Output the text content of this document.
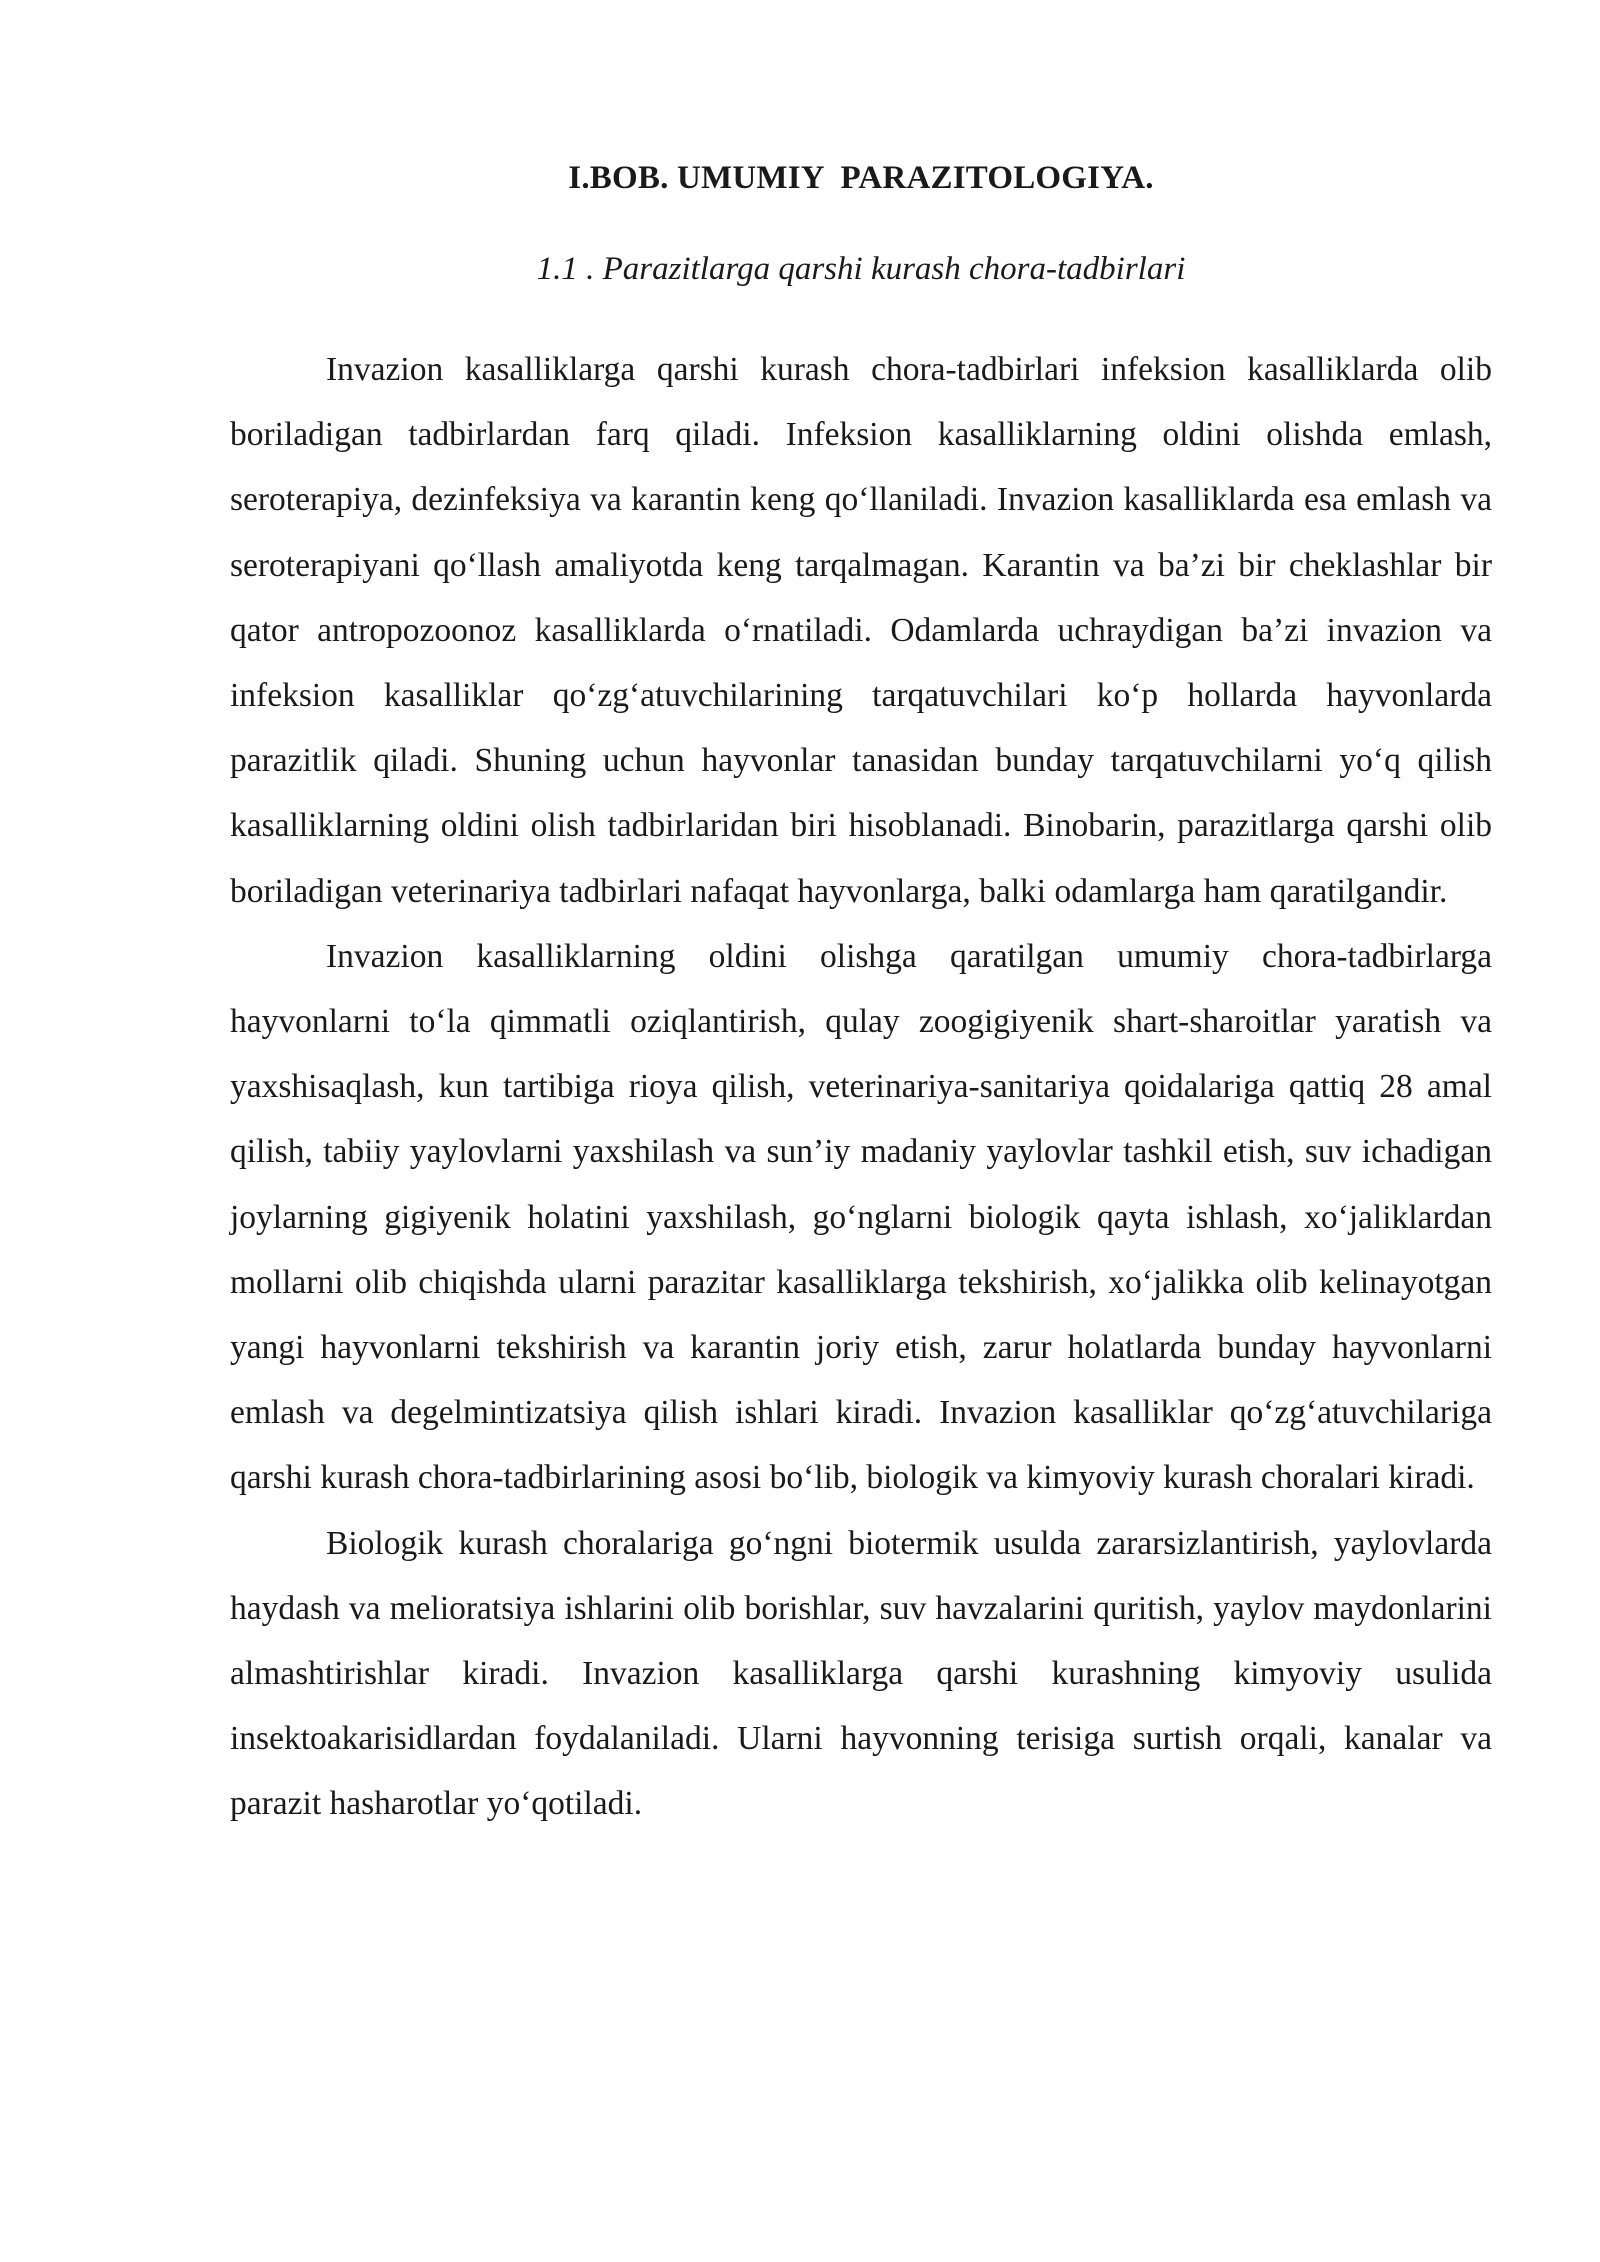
I.BOB. UMUMIY  PARAZITOLOGIYA.
1.1 . Parazitlarga qarshi kurash chora-tadbirlari

Invazion kasalliklarga qarshi kurash chora-tadbirlari infeksion kasalliklarda olib boriladigan tadbirlardan farq qiladi. Infeksion kasalliklarning oldini olishda emlash, seroterapiya, dezinfeksiya va karantin keng qo‘llaniladi. Invazion kasalliklarda esa emlash va seroterapiyani qo‘llash amaliyotda keng tarqalmagan. Karantin va ba’zi bir cheklashlar bir qator antropozoonoz kasalliklarda o‘rnatiladi. Odamlarda uchraydigan ba’zi invazion va infeksion kasalliklar qo‘zg‘atuvchilarining tarqatuvchilari ko‘p hollarda hayvonlarda parazitlik qiladi. Shuning uchun hayvonlar tanasidan bunday tarqatuvchilarni yo‘q qilish kasalliklarning oldini olish tadbirlaridan biri hisoblanadi. Binobarin, parazitlarga qarshi olib boriladigan veterinariya tadbirlari nafaqat hayvonlarga, balki odamlarga ham qaratilgandir.

Invazion kasalliklarning oldini olishga qaratilgan umumiy chora-tadbirlarga hayvonlarni to‘la qimmatli oziqlantirish, qulay zoogigiyenik shart-sharoitlar yaratish va yaxshisaqlash, kun tartibiga rioya qilish, veterinariya-sanitariya qoidalariga qattiq 28 amal qilish, tabiiy yaylovlarni yaxshilash va sun’iy madaniy yaylovlar tashkil etish, suv ichadigan joylarning gigiyenik holatini yaxshilash, go‘nglarni biologik qayta ishlash, xo‘jaliklardan mollarni olib chiqishda ularni parazitar kasalliklarga tekshirish, xo‘jalikka olib kelinayotgan yangi hayvonlarni tekshirish va karantin joriy etish, zarur holatlarda bunday hayvonlarni emlash va degelmintizatsiya qilish ishlari kiradi. Invazion kasalliklar qo‘zg‘atuvchilariga qarshi kurash chora-tadbirlarining asosi bo‘lib, biologik va kimyoviy kurash choralari kiradi.

Biologik kurash choralariga go‘ngni biotermik usulda zararsizlantirish, yaylovlarda haydash va melioratsiya ishlarini olib borishlar, suv havzalarini quritish, yaylov maydonlarini almashtirishlar kiradi. Invazion kasalliklarga qarshi kurashning kimyoviy usulida insektoakarisidlardan foydalaniladi. Ularni hayvonning terisiga surtish orqali, kanalar va parazit hasharotlar yo‘qotiladi.
